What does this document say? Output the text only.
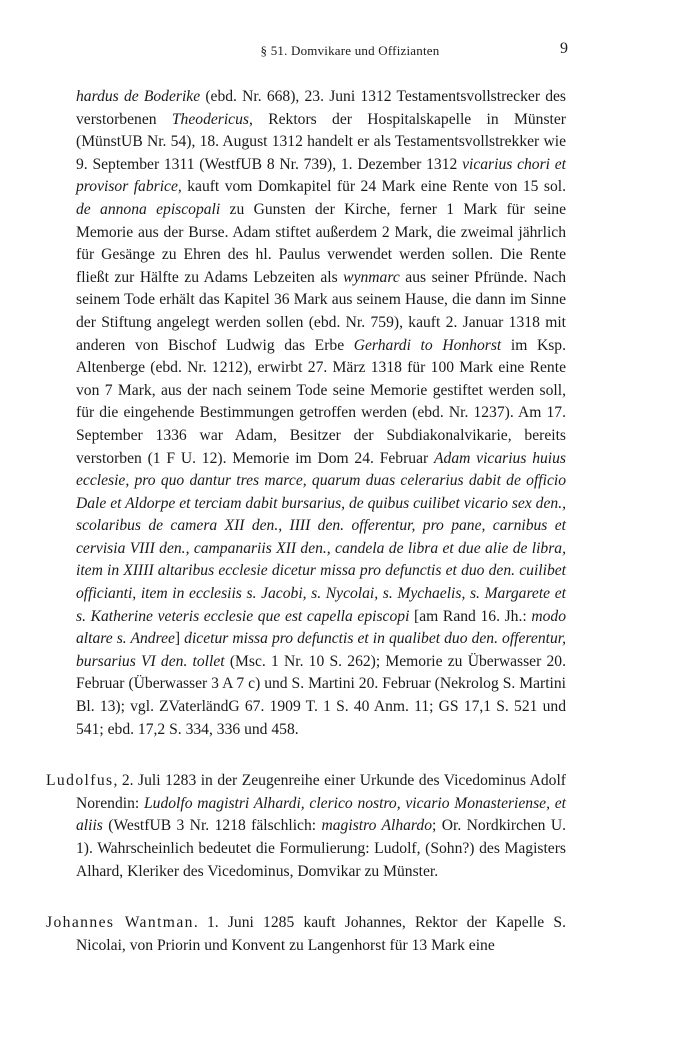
§ 51. Domvikare und Offizianten	9

hardus de Boderike (ebd. Nr. 668), 23. Juni 1312 Testamentsvollstrecker des verstorbenen Theodericus, Rektors der Hospitalskapelle in Münster (MünstUB Nr. 54), 18. August 1312 handelt er als Testamentsvollstrekker wie 9. September 1311 (WestfUB 8 Nr. 739), 1. Dezember 1312 vicarius chori et provisor fabrice, kauft vom Domkapitel für 24 Mark eine Rente von 15 sol. de annona episcopali zu Gunsten der Kirche, ferner 1 Mark für seine Memorie aus der Burse. Adam stiftet außerdem 2 Mark, die zweimal jährlich für Gesänge zu Ehren des hl. Paulus verwendet werden sollen. Die Rente fließt zur Hälfte zu Adams Lebzeiten als wynmarc aus seiner Pfründe. Nach seinem Tode erhält das Kapitel 36 Mark aus seinem Hause, die dann im Sinne der Stiftung angelegt werden sollen (ebd. Nr. 759), kauft 2. Januar 1318 mit anderen von Bischof Ludwig das Erbe Gerhardi to Honhorst im Ksp. Altenberge (ebd. Nr. 1212), erwirbt 27. März 1318 für 100 Mark eine Rente von 7 Mark, aus der nach seinem Tode seine Memorie gestiftet werden soll, für die eingehende Bestimmungen getroffen werden (ebd. Nr. 1237). Am 17. September 1336 war Adam, Besitzer der Subdiakonalvikarie, bereits verstorben (1 F U. 12). Memorie im Dom 24. Februar Adam vicarius huius ecclesie, pro quo dantur tres marce, quarum duas celerarius dabit de officio Dale et Aldorpe et terciam dabit bursarius, de quibus cuilibet vicario sex den., scolaribus de camera XII den., IIII den. offerentur, pro pane, carnibus et cervisia VIII den., campanariis XII den., candela de libra et due alie de libra, item in XIIII altaribus ecclesie dicetur missa pro defunctis et duo den. cuilibet officianti, item in ecclesiis s. Jacobi, s. Nycolai, s. Mychaelis, s. Margarete et s. Katherine veteris ecclesie que est capella episcopi [am Rand 16. Jh.: modo altare s. Andree] dicetur missa pro defunctis et in qualibet duo den. offerentur, bursarius VI den. tollet (Msc. 1 Nr. 10 S. 262); Memorie zu Überwasser 20. Februar (Überwasser 3 A 7 c) und S. Martini 20. Februar (Nekrolog S. Martini Bl. 13); vgl. ZVaterländG 67. 1909 T. 1 S. 40 Anm. 11; GS 17,1 S. 521 und 541; ebd. 17,2 S. 334, 336 und 458.

Ludolfus, 2. Juli 1283 in der Zeugenreihe einer Urkunde des Vicedominus Adolf Norendin: Ludolfo magistri Alhardi, clerico nostro, vicario Monasteriense, et aliis (WestfUB 3 Nr. 1218 fälschlich: magistro Alhardo; Or. Nordkirchen U. 1). Wahrscheinlich bedeutet die Formulierung: Ludolf, (Sohn?) des Magisters Alhard, Kleriker des Vicedominus, Domvikar zu Münster.

Johannes Wantman. 1. Juni 1285 kauft Johannes, Rektor der Kapelle S. Nicolai, von Priorin und Konvent zu Langenhorst für 13 Mark eine
